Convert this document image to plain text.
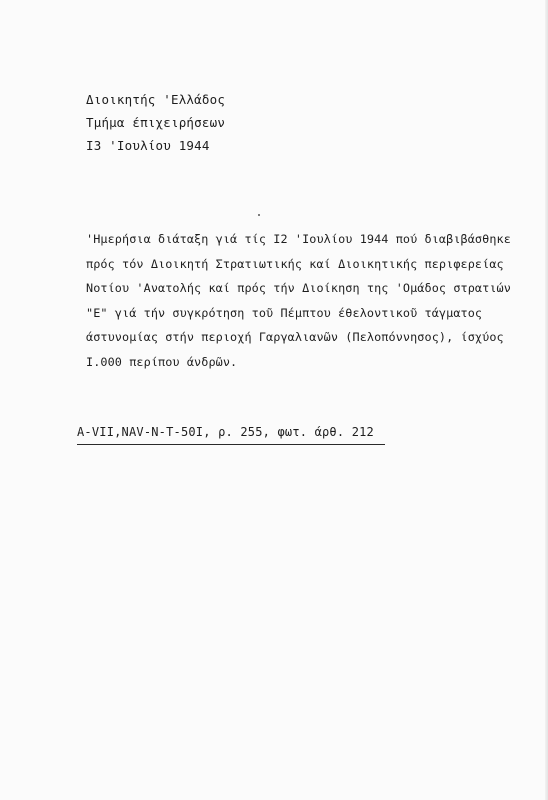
Διοικητής 'Ελλάδος
Τμήμα έπιχειρήσεων
I3 'Ιουλίου 1944
'Ημερήσια διάταξη γιά τίς I2 'Ιουλίου 1944 πού διαβιβάσθηκε
πρός τόν Διοικητή Στρατιωτικής καί Διοικητικής περιφερείας
Νοτίου 'Ανατολής καί πρός τήν Διοίκηση της 'Ομάδος στρατιών
"Ε" γιά τήν συγκρότηση τοῦ Πέμπτου έθελοντικοῦ τάγματος
άστυνομίας στήν περιοχή Γαργαλιανῶν (Πελοπόννησος), ίσχύος
I.000 περίπου άνδρῶν.
A-VII,NAV-N-T-50I, ρ. 255, φωτ. άρθ. 212
